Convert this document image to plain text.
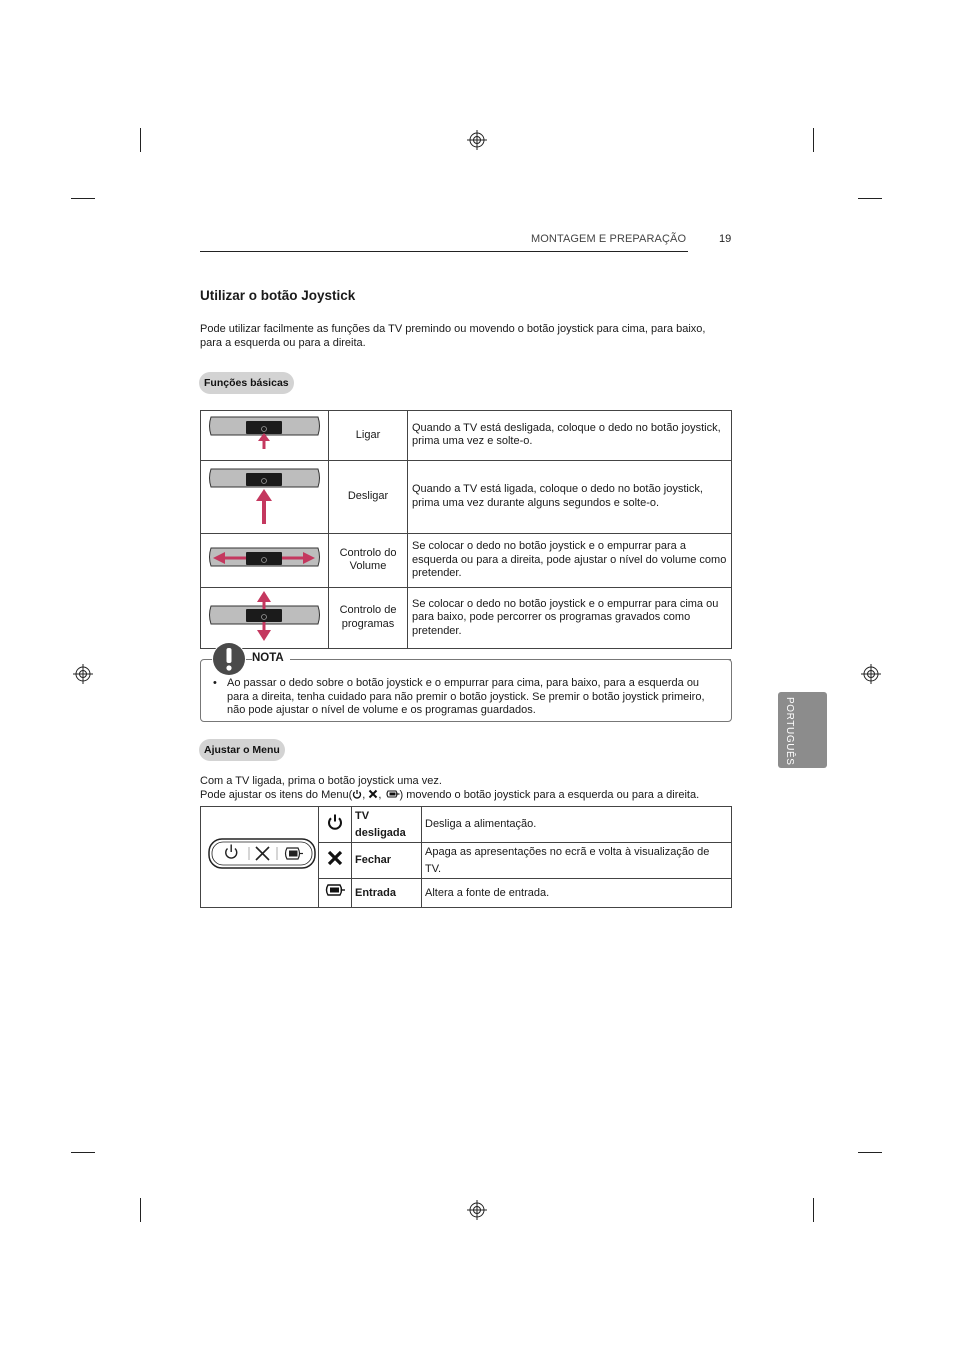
MONTAGEM E PREPARAÇÃO	19
Utilizar o botão Joystick

Pode utilizar facilmente as funções da TV premindo ou movendo o botão joystick para cima, para baixo, para a esquerda ou para a direita.

Funções básicas
	Ligar	Quando a TV está desligada, coloque o dedo no botão joystick, prima uma vez e solte-o.
	Desligar	Quando a TV está ligada, coloque o dedo no botão joystick, prima uma vez durante alguns segundos e solte-o.
	Controlo do Volume	Se colocar o dedo no botão joystick e o empurrar para a esquerda ou para a direita, pode ajustar o nível do volume como pretender.
	Controlo de programas	Se colocar o dedo no botão joystick e o empurrar para cima ou para baixo, pode percorrer os programas gravados como pretender.
NOTA
• Ao passar o dedo sobre o botão joystick e o empurrar para cima, para baixo, para a esquerda ou para a direita, tenha cuidado para não premir o botão joystick. Se premir o botão joystick primeiro, não pode ajustar o nível de volume e os programas guardados.
Ajustar o Menu
Com a TV ligada, prima o botão joystick uma vez.
Pode ajustar os itens do Menu( , , ) movendo o botão joystick para a esquerda ou para a direita.
		TV desligada	Desliga a alimentação.
	Fechar	Apaga as apresentações no ecrã e volta à visualização de TV.
	Entrada	Altera a fonte de entrada.
PORTUGUÊS
